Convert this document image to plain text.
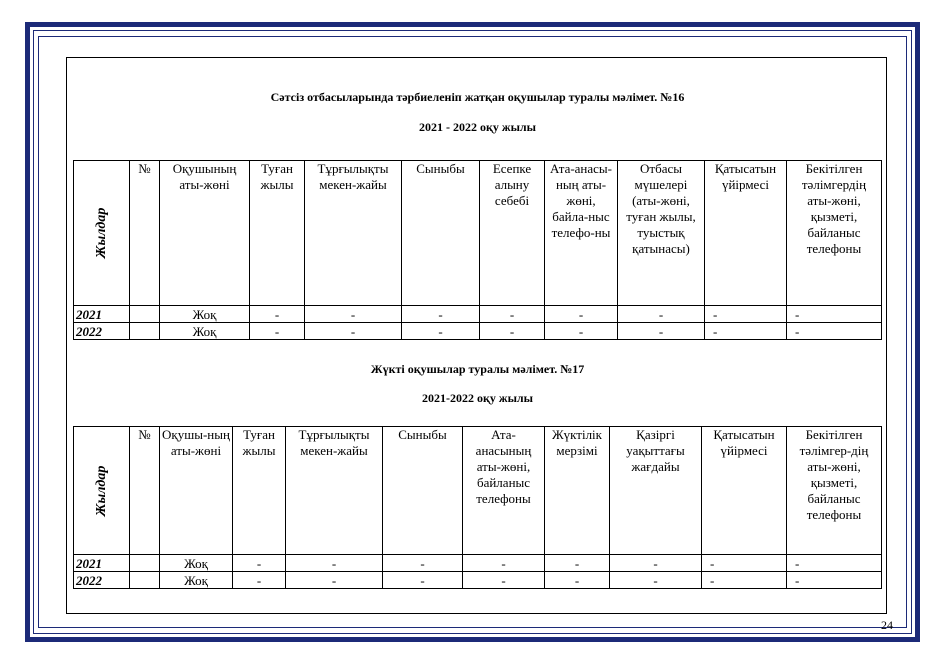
Сәтсіз отбасыларында тәрбиеленіп жатқан оқушылар туралы мәлімет. №16
2021 - 2022 оқу жылы
Жылдар	№	Оқушының аты-жөні	Туған жылы	Тұрғылықты мекен-жайы	Сыныбы	Есепке алыну себебі	Ата-анасы-ның аты-жөні, байла-ныс телефо-ны	Отбасы мүшелері (аты-жөні, туған жылы, туыстық қатынасы)	Қатысатын үйірмесі	Бекітілген тәлімгердің аты-жөні, қызметі, байланыс телефоны
2021		Жоқ	-	-	-	-	-	-	-	-
2022		Жоқ	-	-	-	-	-	-	-	-
Жүкті оқушылар туралы мәлімет. №17
2021-2022 оқу жылы
Жылдар	№	Оқушы-ның аты-жөні	Туған жылы	Тұрғылықты мекен-жайы	Сыныбы	Ата-анасының аты-жөні, байланыс телефоны	Жүктілік мерзімі	Қазіргі уақыттағы жағдайы	Қатысатын үйірмесі	Бекітілген тәлімгер-дің аты-жөні, қызметі, байланыс телефоны
2021		Жоқ	-	-	-	-	-	-	-	-
2022		Жоқ	-	-	-	-	-	-	-	-
24
